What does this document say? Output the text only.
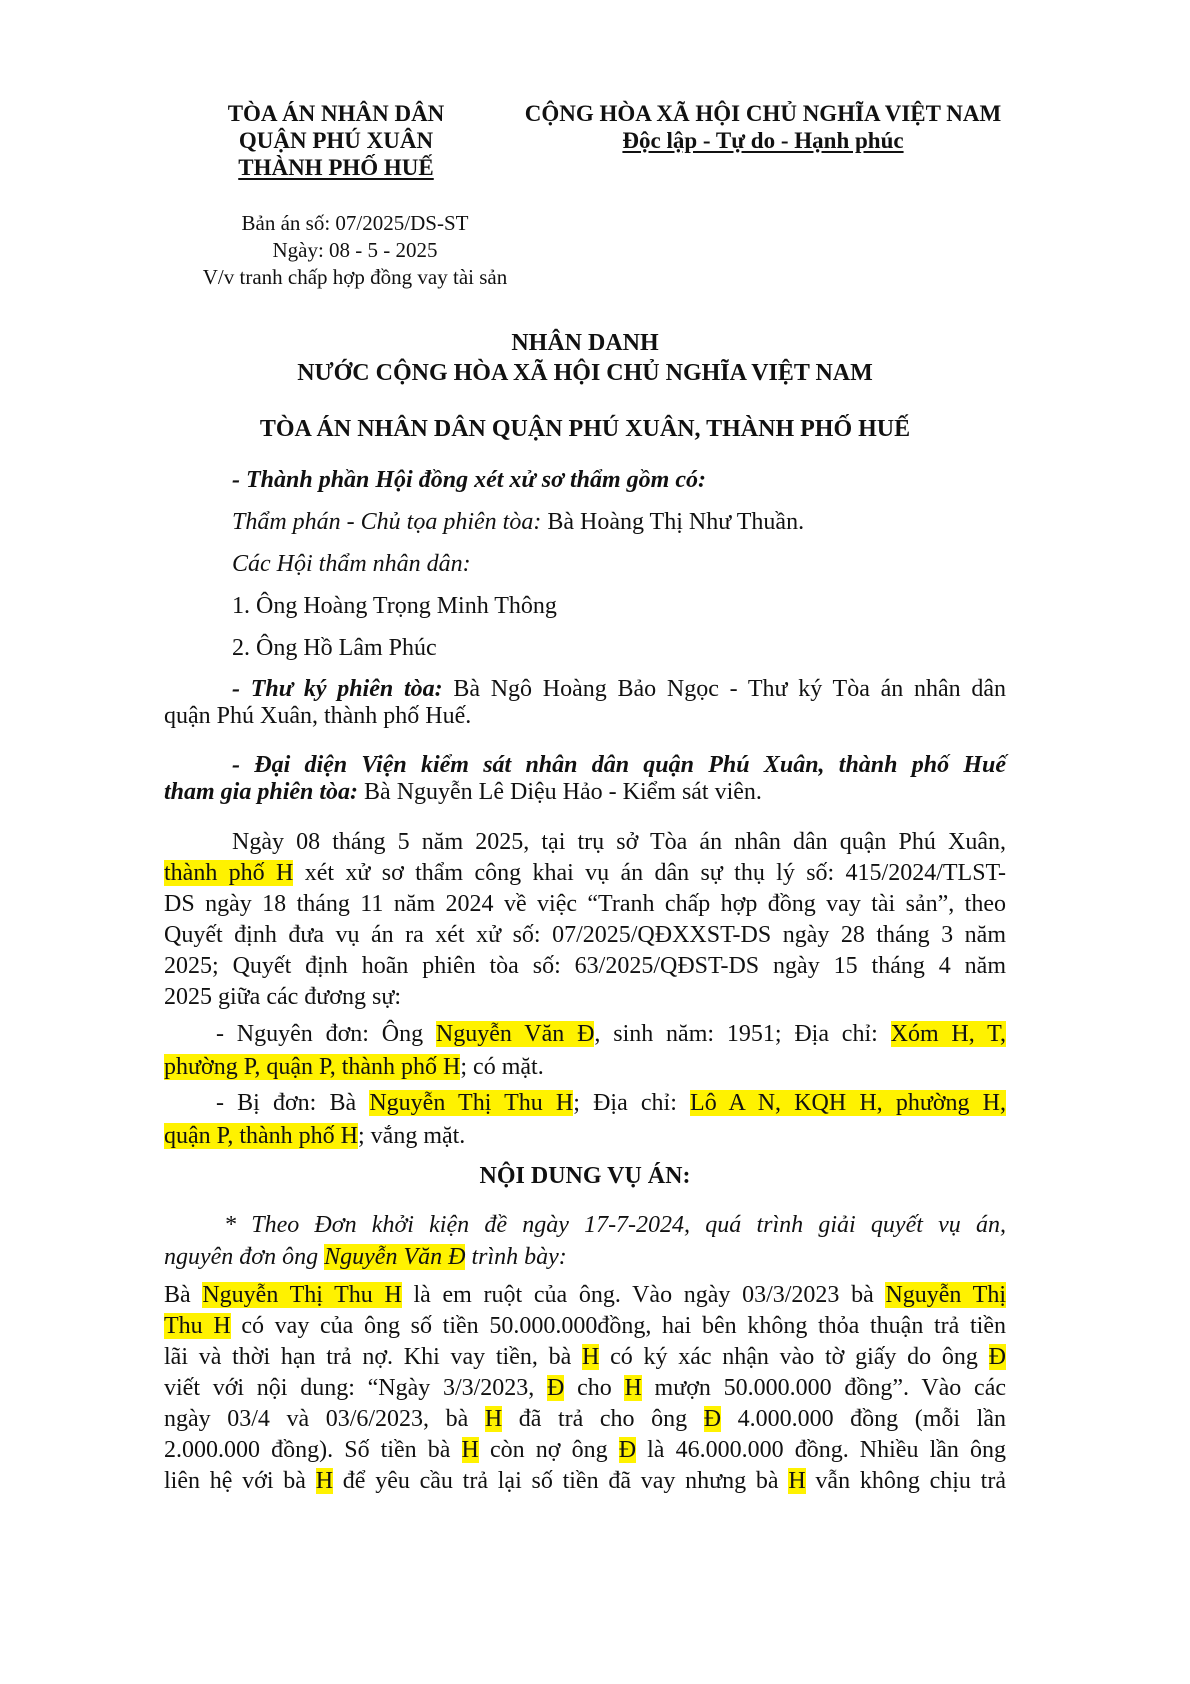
TÒA ÁN NHÂN DÂN
QUẬN PHÚ XUÂN
THÀNH PHỐ HUẾ
CỘNG HÒA XÃ HỘI CHỦ NGHĨA VIỆT NAM
Độc lập - Tự do - Hạnh phúc
Bản án số: 07/2025/DS-ST
Ngày: 08 - 5 - 2025
V/v tranh chấp hợp đồng vay tài sản
NHÂN DANH
NƯỚC CỘNG HÒA XÃ HỘI CHỦ NGHĨA VIỆT NAM
TÒA ÁN NHÂN DÂN QUẬN PHÚ XUÂN, THÀNH PHỐ HUẾ
- Thành phần Hội đồng xét xử sơ thẩm gồm có:
Thẩm phán - Chủ tọa phiên tòa: Bà Hoàng Thị Như Thuần.
Các Hội thẩm nhân dân:
1. Ông Hoàng Trọng Minh Thông
2. Ông Hồ Lâm Phúc
- Thư ký phiên tòa: Bà Ngô Hoàng Bảo Ngọc - Thư ký Tòa án nhân dân
quận Phú Xuân, thành phố Huế.
- Đại diện Viện kiểm sát nhân dân quận Phú Xuân, thành phố Huế
tham gia phiên tòa: Bà Nguyễn Lê Diệu Hảo - Kiểm sát viên.
Ngày 08 tháng 5 năm 2025, tại trụ sở Tòa án nhân dân quận Phú Xuân,
thành phố H xét xử sơ thẩm công khai vụ án dân sự thụ lý số: 415/2024/TLST-
DS ngày 18 tháng 11 năm 2024 về việc “Tranh chấp hợp đồng vay tài sản”, theo
Quyết định đưa vụ án ra xét xử số: 07/2025/QĐXXST-DS ngày 28 tháng 3 năm
2025; Quyết định hoãn phiên tòa số: 63/2025/QĐST-DS ngày 15 tháng 4 năm
2025 giữa các đương sự:
- Nguyên đơn: Ông Nguyễn Văn Đ, sinh năm: 1951; Địa chỉ: Xóm H, T,
phường P, quận P, thành phố H; có mặt.
- Bị đơn: Bà Nguyễn Thị Thu H; Địa chỉ: Lô A N, KQH H, phường H,
quận P, thành phố H; vắng mặt.
NỘI DUNG VỤ ÁN:
* Theo Đơn khởi kiện đề ngày 17-7-2024, quá trình giải quyết vụ án,
nguyên đơn ông Nguyễn Văn Đ trình bày:
Bà Nguyễn Thị Thu H là em ruột của ông. Vào ngày 03/3/2023 bà Nguyễn Thị
Thu H có vay của ông số tiền 50.000.000đồng, hai bên không thỏa thuận trả tiền
lãi và thời hạn trả nợ. Khi vay tiền, bà H có ký xác nhận vào tờ giấy do ông Đ
viết với nội dung: “Ngày 3/3/2023, Đ cho H mượn 50.000.000 đồng”. Vào các
ngày 03/4 và 03/6/2023, bà H đã trả cho ông Đ 4.000.000 đồng (mỗi lần
2.000.000 đồng). Số tiền bà H còn nợ ông Đ là 46.000.000 đồng. Nhiều lần ông
liên hệ với bà H để yêu cầu trả lại số tiền đã vay nhưng bà H vẫn không chịu trả
